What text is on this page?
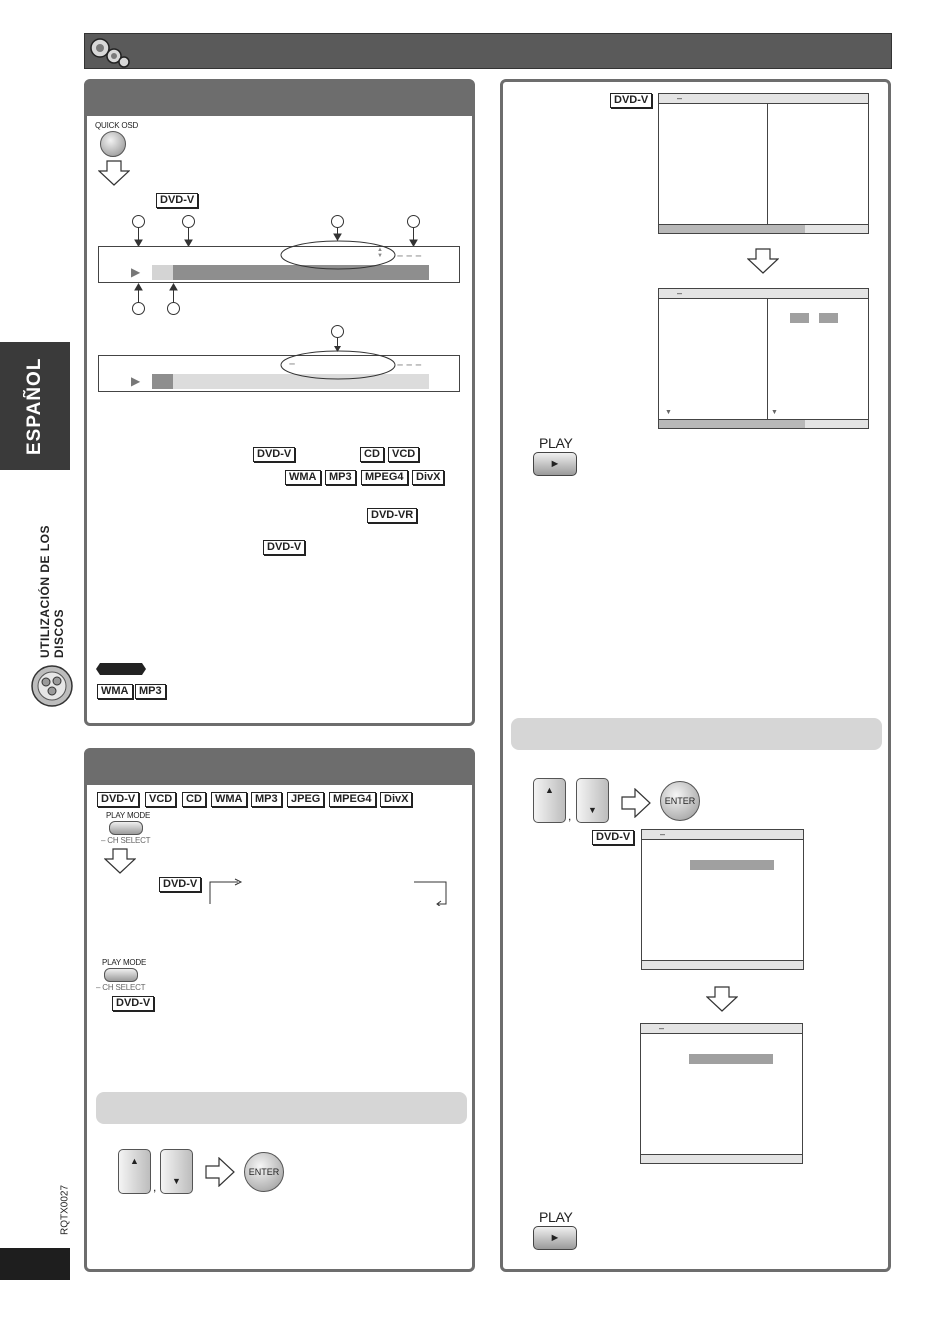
ESPAÑOL
UTILIZACIÓN DE LOS DISCOS
RQTX0027
QUICK OSD
DVD-V
▶
– – –
▲▼
▶
– – –
–
DVD-V	CD	VCD
WMA	MP3	MPEG4	DivX
DVD-VR
DVD-V
WMA MP3
DVD-V	VCD	CD	WMA	MP3	JPEG	MPEG4	DivX
PLAY MODE
– CH SELECT
DVD-V
PLAY MODE
– CH SELECT
DVD-V
▲
,	▼
ENTER
DVD-V	–
–
▼	▼
PLAY
►
▲
,	▼
ENTER
DVD-V	–
–
PLAY
►
